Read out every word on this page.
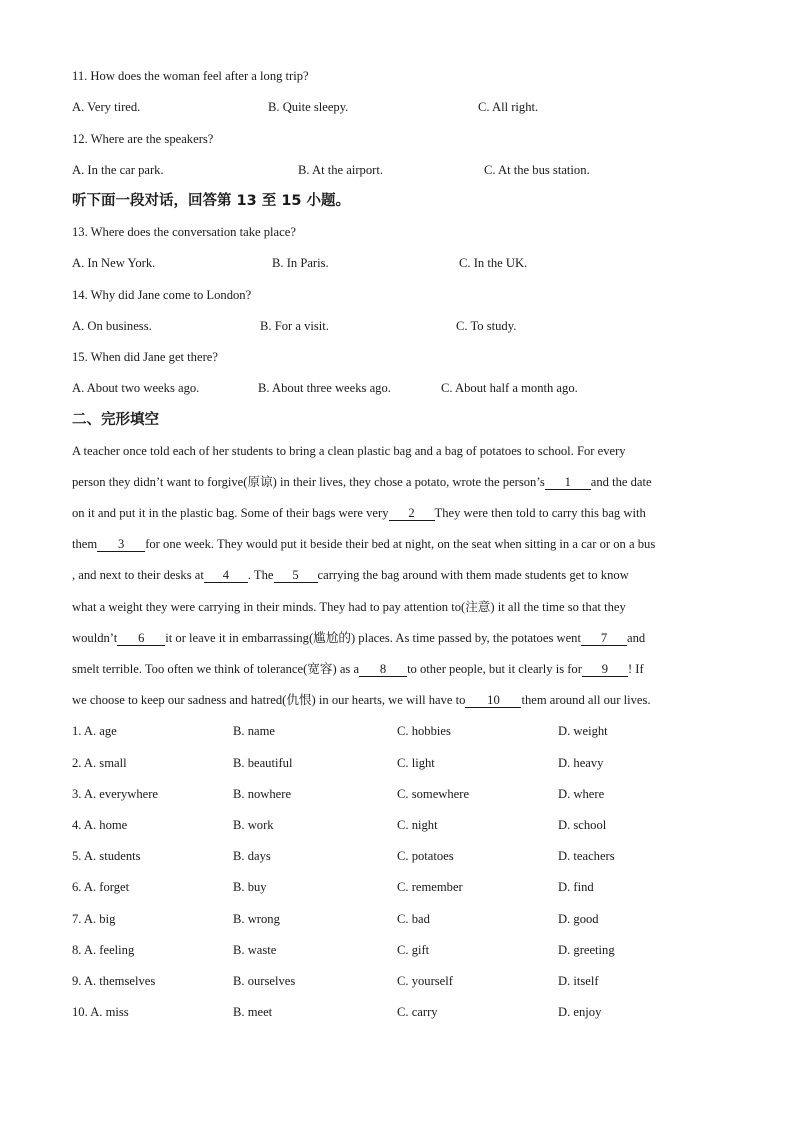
11. How does the woman feel after a long trip?
A. Very tired.	B. Quite sleepy.	C. All right.
12. Where are the speakers?
A. In the car park.	B. At the airport.	C. At the bus station.
听下面一段对话，回答第 13 至 15 小题。
13. Where does the conversation take place?
A. In New York.	B. In Paris.	C. In the UK.
14. Why did Jane come to London?
A. On business.	B. For a visit.	C. To study.
15. When did Jane get there?
A. About two weeks ago.	B. About three weeks ago.	C. About half a month ago.
二、完形填空
A teacher once told each of her students to bring a clean plastic bag and a bag of potatoes to school. For every
person they didn’t want to forgive(原谅) in their lives, they chose a potato, wrote the person’s 1 and the date
on it and put it in the plastic bag. Some of their bags were very 2 They were then told to carry this bag with
them 3 for one week. They would put it beside their bed at night, on the seat when sitting in a car or on a bus
, and next to their desks at 4 . The 5 carrying the bag around with them made students get to know
what a weight they were carrying in their minds. They had to pay attention to(注意) it all the time so that they
wouldn’t 6 it or leave it in embarrassing(尴尬的) places. As time passed by, the potatoes went 7 and
smelt terrible. Too often we think of tolerance(宽容) as a 8 to other people, but it clearly is for 9 ! If
we choose to keep our sadness and hatred(仇恨) in our hearts, we will have to 10 them around all our lives.
1. A. age	B. name	C. hobbies	D. weight
2. A. small	B. beautiful	C. light	D. heavy
3. A. everywhere	B. nowhere	C. somewhere	D. where
4. A. home	B. work	C. night	D. school
5. A. students	B. days	C. potatoes	D. teachers
6. A. forget	B. buy	C. remember	D. find
7. A. big	B. wrong	C. bad	D. good
8. A. feeling	B. waste	C. gift	D. greeting
9. A. themselves	B. ourselves	C. yourself	D. itself
10. A. miss	B. meet	C. carry	D. enjoy
